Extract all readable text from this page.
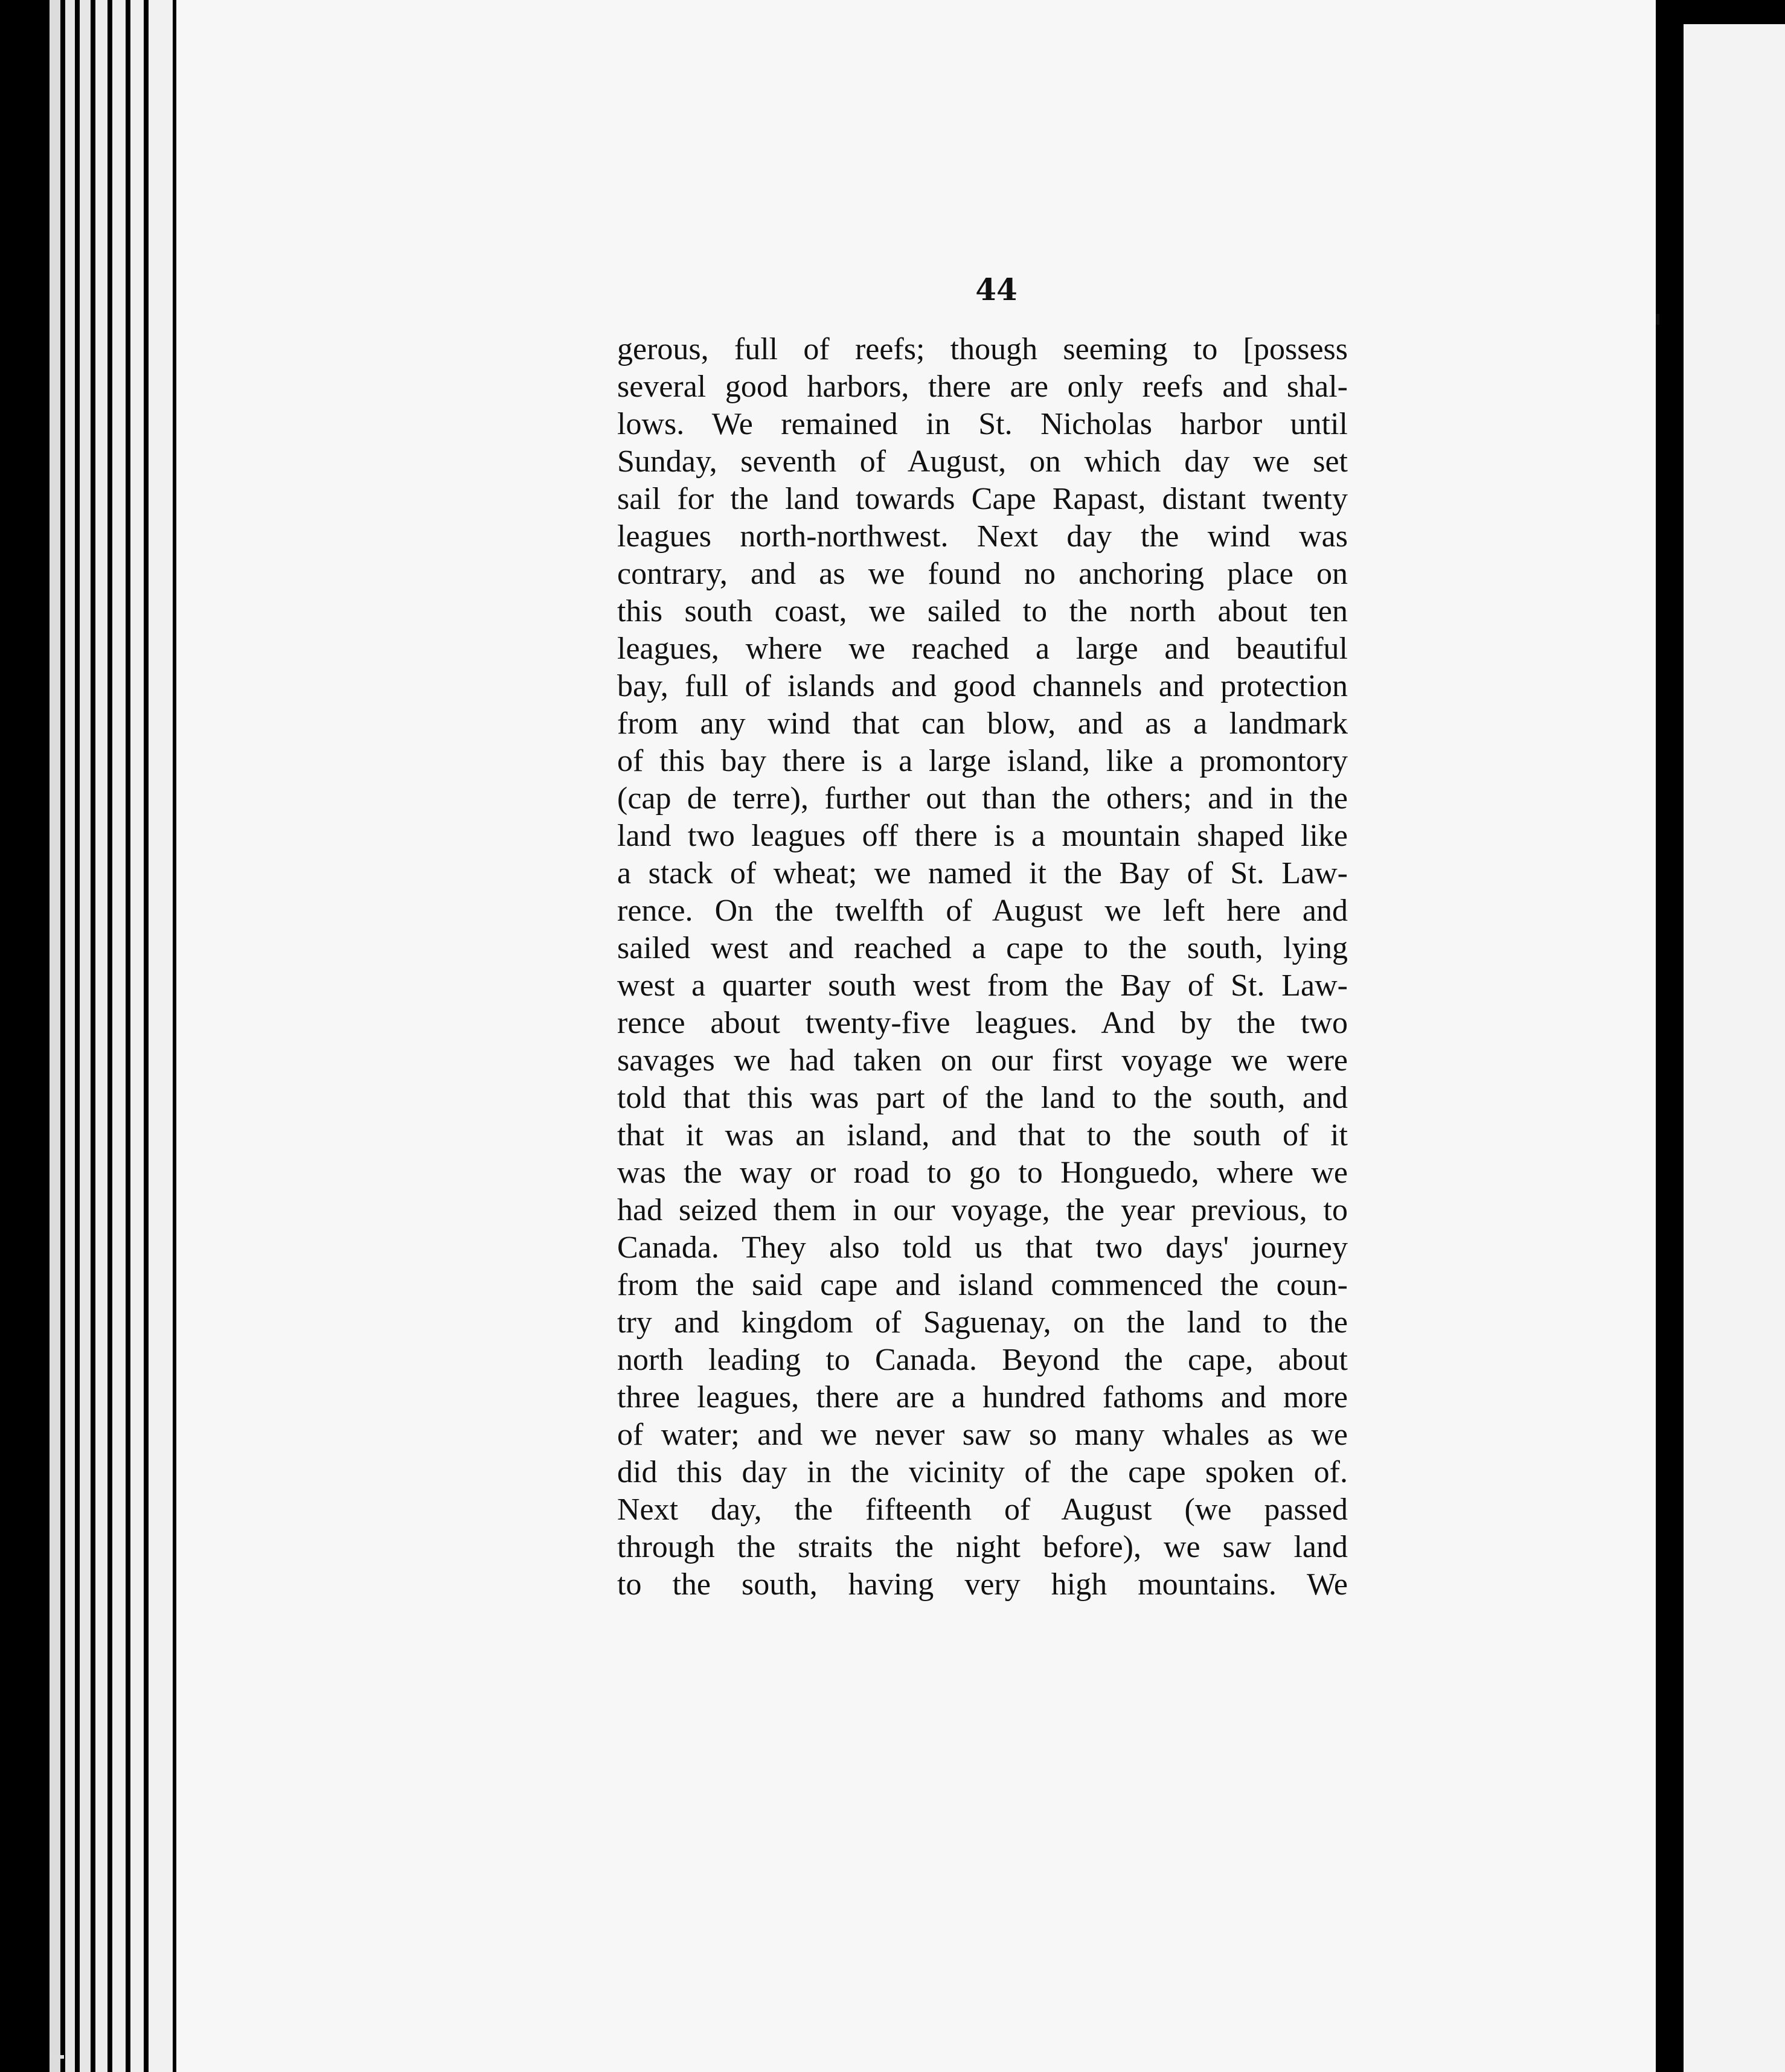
44
gerous, full of reefs; though seeming to [possess
several good harbors, there are only reefs and shal-
lows. We remained in St. Nicholas harbor until
Sunday, seventh of August, on which day we set
sail for the land towards Cape Rapast, distant twenty
leagues north-northwest. Next day the wind was
contrary, and as we found no anchoring place on
this south coast, we sailed to the north about ten
leagues, where we reached a large and beautiful
bay, full of islands and good channels and protection
from any wind that can blow, and as a landmark
of this bay there is a large island, like a promontory
(cap de terre), further out than the others; and in the
land two leagues off there is a mountain shaped like
a stack of wheat; we named it the Bay of St. Law-
rence. On the twelfth of August we left here and
sailed west and reached a cape to the south, lying
west a quarter south west from the Bay of St. Law-
rence about twenty-five leagues. And by the two
savages we had taken on our first voyage we were
told that this was part of the land to the south, and
that it was an island, and that to the south of it
was the way or road to go to Honguedo, where we
had seized them in our voyage, the year previous, to
Canada. They also told us that two days' journey
from the said cape and island commenced the coun-
try and kingdom of Saguenay, on the land to the
north leading to Canada. Beyond the cape, about
three leagues, there are a hundred fathoms and more
of water; and we never saw so many whales as we
did this day in the vicinity of the cape spoken of.
Next day, the fifteenth of August (we passed
through the straits the night before), we saw land
to the south, having very high mountains. We
